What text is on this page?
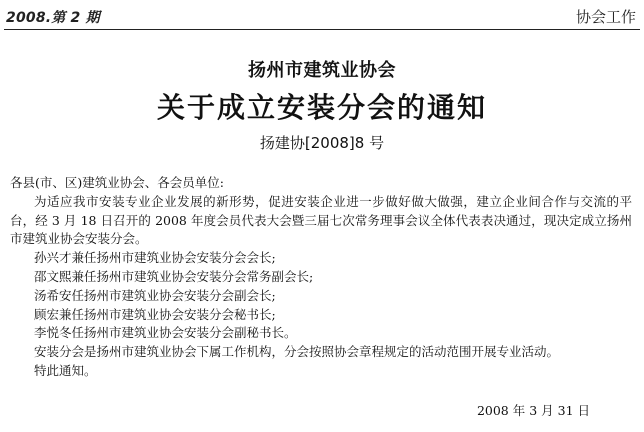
2008.第 2 期	协会工作
扬州市建筑业协会
关于成立安装分会的通知
扬建协[2008]8 号

各县(市、区)建筑业协会、各会员单位:

为适应我市安装专业企业发展的新形势，促进安装企业进一步做好做大做强，建立企业间合作与交流的平台，经 3 月 18 日召开的 2008 年度会员代表大会暨三届七次常务理事会议全体代表表决通过，现决定成立扬州市建筑业协会安装分会。

孙兴才兼任扬州市建筑业协会安装分会会长;

邵文熙兼任扬州市建筑业协会安装分会常务副会长;

汤希安任扬州市建筑业协会安装分会副会长;

顾宏兼任扬州市建筑业协会安装分会秘书长;

李悦冬任扬州市建筑业协会安装分会副秘书长。

安装分会是扬州市建筑业协会下属工作机构，分会按照协会章程规定的活动范围开展专业活动。

特此通知。

2008 年 3 月 31 日
